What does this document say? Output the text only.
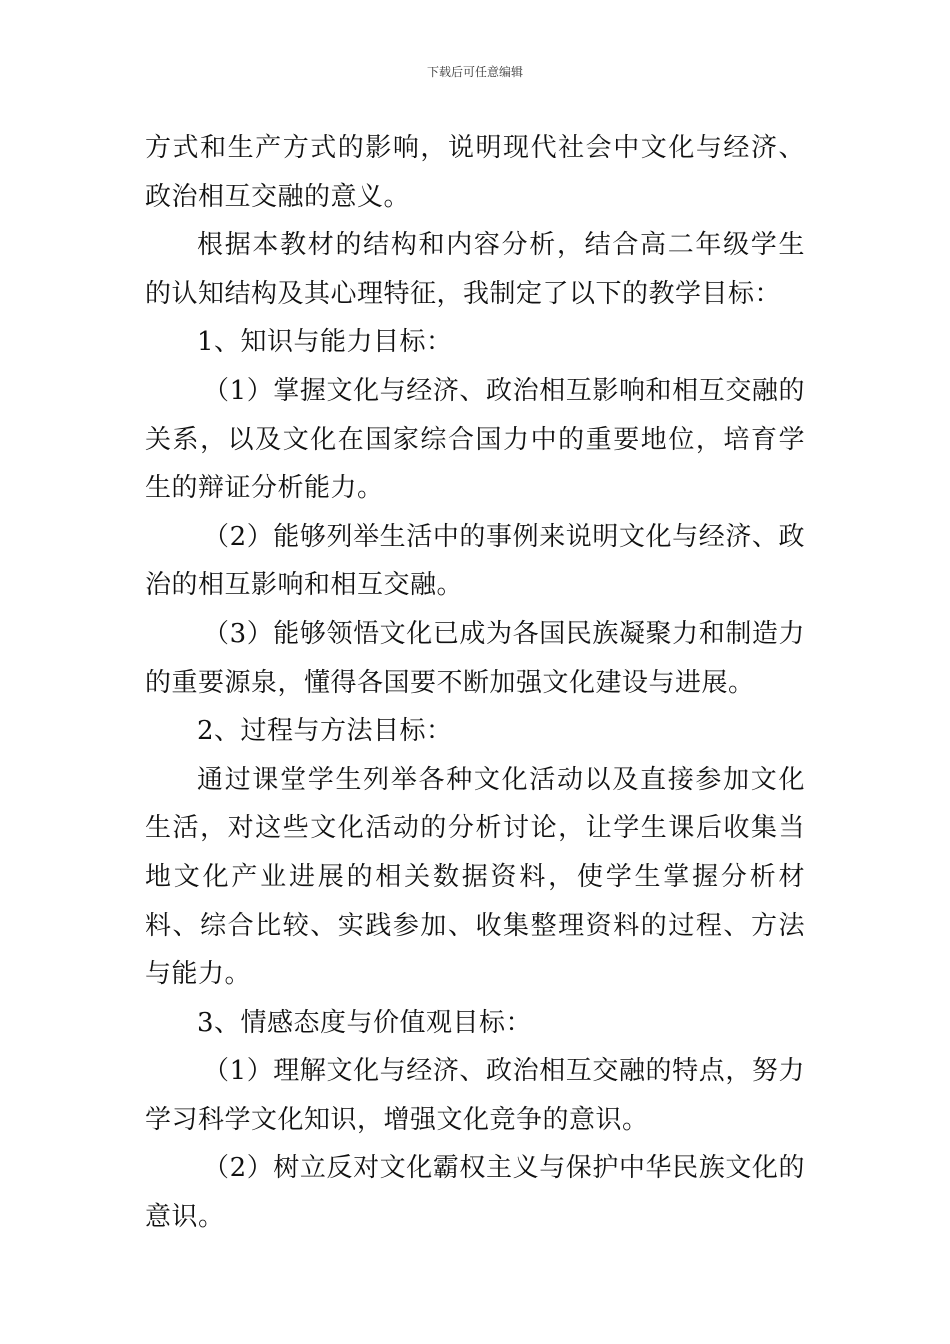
下载后可任意编辑

方式和生产方式的影响，说明现代社会中文化与经济、政治相互交融的意义。

根据本教材的结构和内容分析，结合高二年级学生的认知结构及其心理特征，我制定了以下的教学目标：

1、知识与能力目标：

（1）掌握文化与经济、政治相互影响和相互交融的关系，以及文化在国家综合国力中的重要地位，培育学生的辩证分析能力。

（2）能够列举生活中的事例来说明文化与经济、政治的相互影响和相互交融。

（3）能够领悟文化已成为各国民族凝聚力和制造力的重要源泉，懂得各国要不断加强文化建设与进展。

2、过程与方法目标：

通过课堂学生列举各种文化活动以及直接参加文化生活，对这些文化活动的分析讨论，让学生课后收集当地文化产业进展的相关数据资料，使学生掌握分析材料、综合比较、实践参加、收集整理资料的过程、方法与能力。

3、情感态度与价值观目标：

（1）理解文化与经济、政治相互交融的特点，努力学习科学文化知识，增强文化竞争的意识。

（2）树立反对文化霸权主义与保护中华民族文化的意识。
